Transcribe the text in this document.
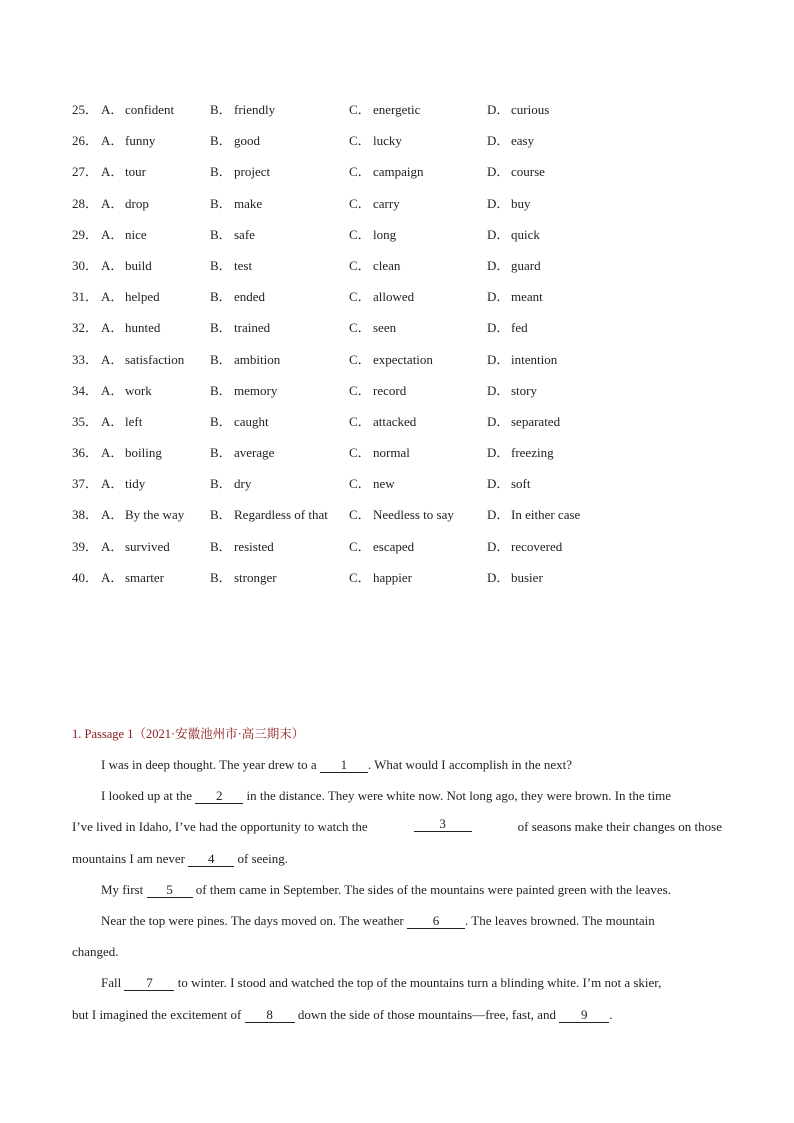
25． A． confident	B． friendly	C． energetic	D． curious
26． A． funny	B． good	C． lucky	D． easy
27． A． tour	B． project	C． campaign	D． course
28． A． drop	B． make	C． carry	D． buy
29． A． nice	B． safe	C． long	D． quick
30． A． build	B． test	C． clean	D． guard
31． A． helped	B． ended	C． allowed	D． meant
32． A． hunted	B． trained	C． seen	D． fed
33． A． satisfaction B． ambition	C． expectation	D． intention
34． A． work	B． memory	C． record	D． story
35． A． left	B． caught	C． attacked	D． separated
36． A． boiling	B． average	C． normal	D． freezing
37． A． tidy	B． dry	C． new	D． soft
38． A． By the way B． Regardless of that C． Needless to say	D． In either case
39． A． survived	B． resisted	C． escaped	D． recovered
40． A． smarter	B． stronger	C． happier	D． busier
1. Passage 1（2021·安徽池州市·高三期末）
I was in deep thought. The year drew to a 1 . What would I accomplish in the next?
I looked up at the 2 in the distance. They were white now. Not long ago, they were brown. In the time
I’ve lived in Idaho, I’ve had the opportunity to watch the	3	of seasons make their changes on those
mountains I am never 4 of seeing.
My first 5 of them came in September. The sides of the mountains were painted green with the leaves.
Near the top were pines. The days moved on. The weather 6 . The leaves browned. The mountain
changed.
Fall 7 to winter. I stood and watched the top of the mountains turn a blinding white. I’m not a skier,
but I imagined the excitement of 8 down the side of those mountains—free, fast, and 9 .
